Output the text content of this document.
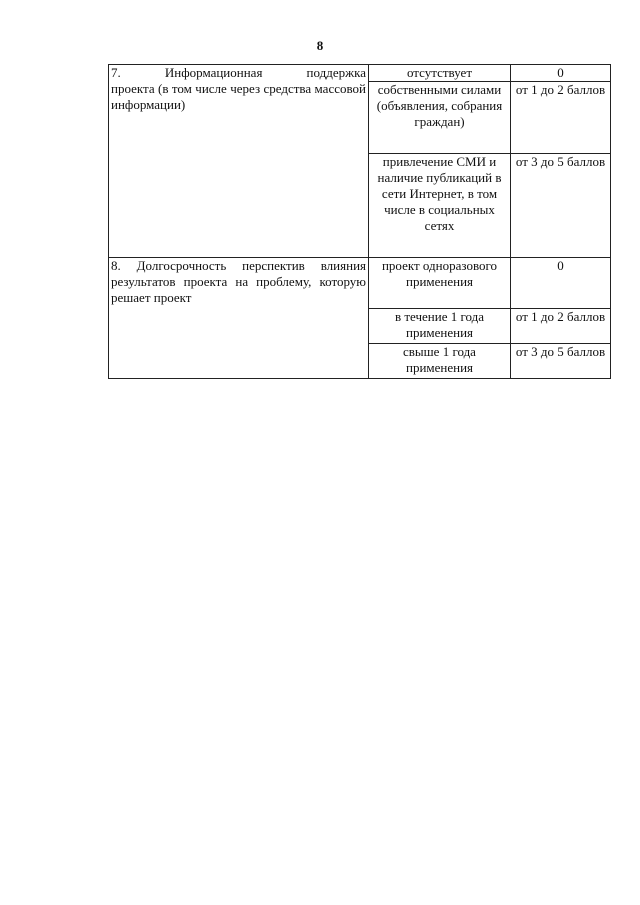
8
7. Информационная поддержка
проекта (в том числе через средства массовой информации)	отсутствует	0
	собственными силами (объявления, собрания граждан)	от 1 до 2 баллов
	привлечение СМИ и наличие публикаций в сети Интернет, в том числе в социальных сетях	от 3 до 5 баллов

8. Долгосрочность перспектив влияния
результатов проекта на проблему, которую решает проект	проект одноразового применения	0
	в течение 1 года применения	от 1 до 2 баллов
	свыше 1 года применения	от 3 до 5 баллов
